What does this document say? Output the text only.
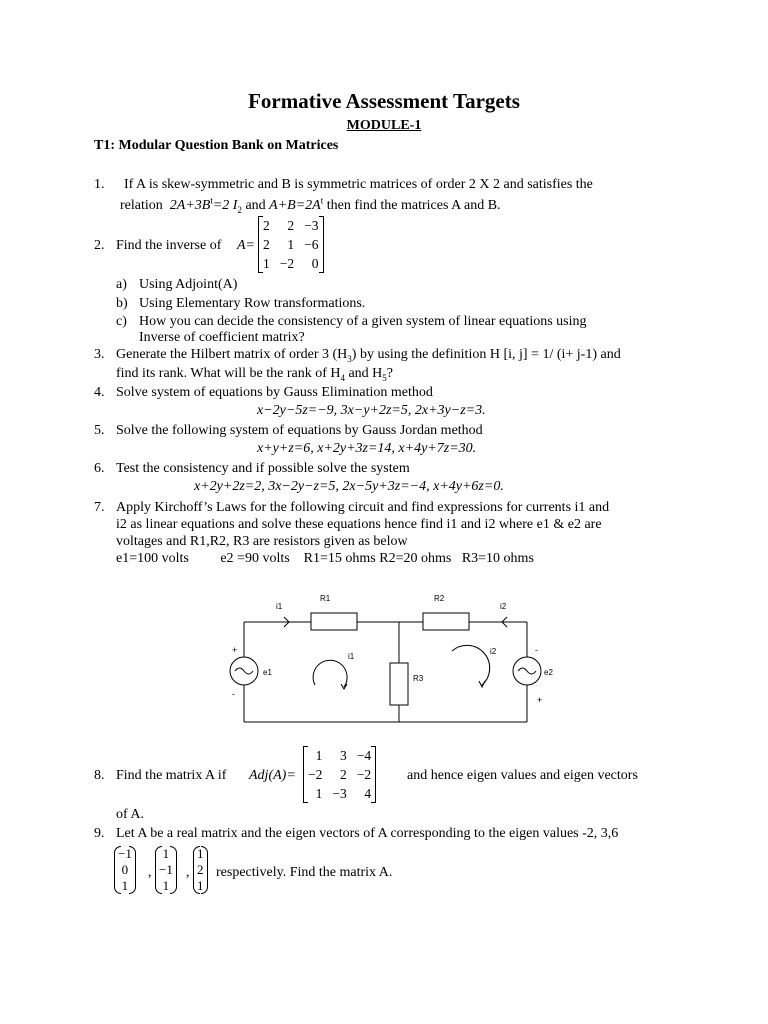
Formative Assessment Targets
MODULE-1
T1: Modular Question Bank on Matrices
1. If A is skew-symmetric and B is symmetric matrices of order 2 X 2 and satisfies the
relation $2A+3B^t=2$ $I_2$ and $A+B=2A^t$ then find the matrices A and B.
2. Find the inverse of A=
2	2	−3
2	1	−6
1	−2	0
a) Using Adjoint(A)
b) Using Elementary Row transformations.
c) How you can decide the consistency of a given system of linear equations using
Inverse of coefficient matrix?
3. Generate the Hilbert matrix of order 3 $(H_3)$ by using the definition H [i, j] = 1/ (i+ j-1) and
find its rank. What will be the rank of $H_4$ and $H_5$?
4. Solve system of equations by Gauss Elimination method
x−2y−5z=−9, 3x−y+2z=5, 2x+3y−z=3.
5. Solve the following system of equations by Gauss Jordan method
x+y+z=6, x+2y+3z=14, x+4y+7z=30.
6. Test the consistency and if possible solve the system
x+2y+2z=2, 3x−2y−z=5, 2x−5y+3z=−4, x+4y+6z=0.
7. Apply Kirchoff’s Laws for the following circuit and find expressions for currents i1 and
i2 as linear equations and solve these equations hence find i1 and i2 where e1 & e2 are
voltages and R1,R2, R3 are resistors given as below
e1=100 volts         e2 =90 volts    R1=15 ohms R2=20 ohms   R3=10 ohms
i1
R1	R2
i2
i1
i2
R3
e1	e2
+
-
-
+
8. Find the matrix A if Adj(A)=
1	3	−4
−2	2	−2
1	−3	4
and hence eigen values and eigen vectors
of A.
9. Let A be a real matrix and the eigen vectors of A corresponding to the eigen values -2, 3,6
−1
0
1
,
1
−1
1
,
1
2
1
respectively. Find the matrix A.
